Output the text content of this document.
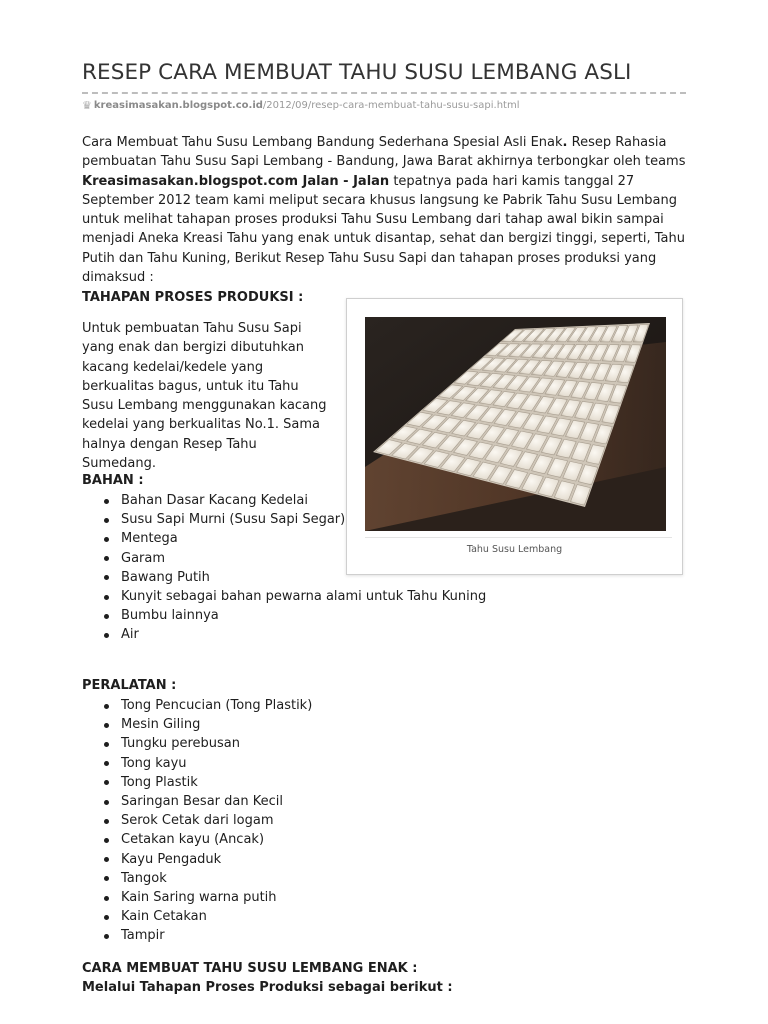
RESEP CARA MEMBUAT TAHU SUSU LEMBANG ASLI
♛ kreasimasakan.blogspot.co.id /2012/09/resep-cara-membuat-tahu-susu-sapi.html

Cara Membuat Tahu Susu Lembang Bandung Sederhana Spesial Asli Enak. Resep Rahasia pembuatan Tahu Susu Sapi Lembang - Bandung, Jawa Barat akhirnya terbongkar oleh teams Kreasimasakan.blogspot.com Jalan - Jalan tepatnya pada hari kamis tanggal 27 September 2012 team kami meliput secara khusus langsung ke Pabrik Tahu Susu Lembang untuk melihat tahapan proses produksi Tahu Susu Lembang dari tahap awal bikin sampai menjadi Aneka Kreasi Tahu yang enak untuk disantap, sehat dan bergizi tinggi, seperti, Tahu Putih dan Tahu Kuning, Berikut Resep Tahu Susu Sapi dan tahapan proses produksi yang dimaksud :

TAHAPAN PROSES PRODUKSI :

Untuk pembuatan Tahu Susu Sapi yang enak dan bergizi dibutuhkan kacang kedelai/kedele yang berkualitas bagus, untuk itu Tahu Susu Lembang menggunakan kacang kedelai yang berkualitas No.1. Sama halnya dengan Resep Tahu Sumedang.

Tahu Susu Lembang
BAHAN :
Bahan Dasar Kacang Kedelai
Susu Sapi Murni (Susu Sapi Segar)
Mentega
Garam
Bawang Putih
Kunyit sebagai bahan pewarna alami untuk Tahu Kuning
Bumbu lainnya
Air
PERALATAN :
Tong Pencucian (Tong Plastik)
Mesin Giling
Tungku perebusan
Tong kayu
Tong Plastik
Saringan Besar dan Kecil
Serok Cetak dari logam
Cetakan kayu (Ancak)
Kayu Pengaduk
Tangok
Kain Saring warna putih
Kain Cetakan
Tampir
CARA MEMBUAT TAHU SUSU LEMBANG ENAK :
Melalui Tahapan Proses Produksi sebagai berikut :
